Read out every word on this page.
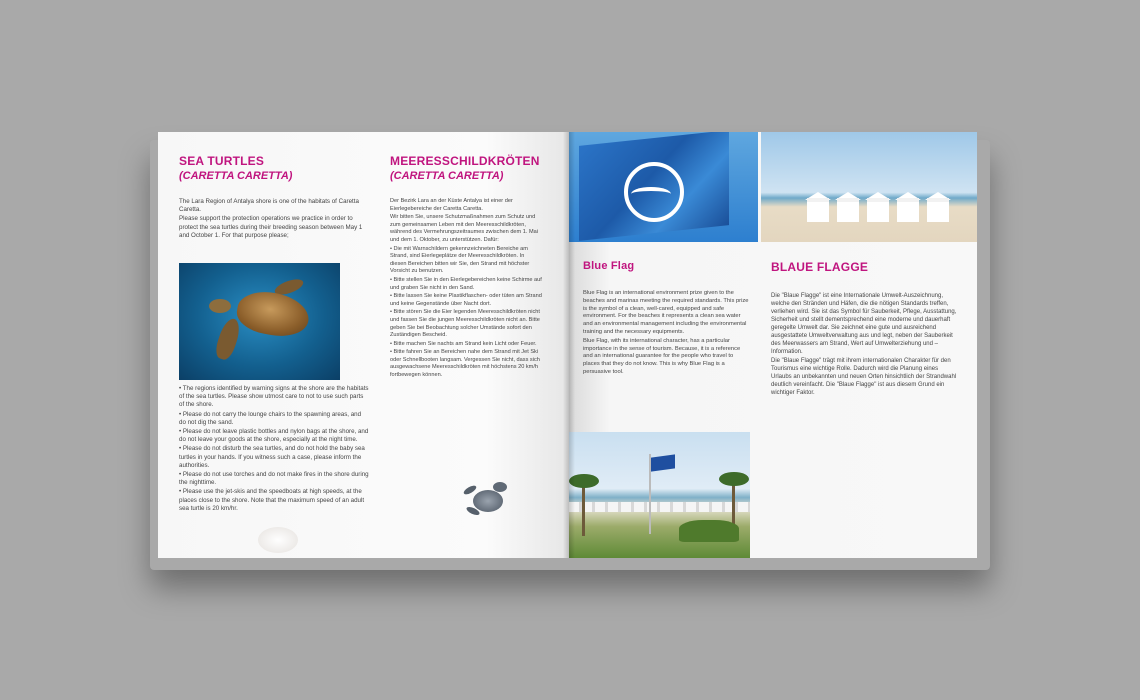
SEA TURTLES
(CARETTA CARETTA)

The Lara Region of Antalya shore is one of the habitats of Caretta Caretta.

Please support the protection operations we practice in order to protect the sea turtles during their breeding season between May 1 and October 1. For that purpose please;

• The regions identified by warning signs at the shore are the habitats of the sea turtles. Please show utmost care to not to use such parts of the shore.

• Please do not carry the lounge chairs to the spawning areas, and do not dig the sand.

• Please do not leave plastic bottles and nylon bags at the shore, and do not leave your goods at the shore, especially at the night time.

• Please do not disturb the sea turtles, and do not hold the baby sea turtles in your hands. If you witness such a case, please inform the authorities.

• Please do not use torches and do not make fires in the shore during the nighttime.

• Please use the jet-skis and the speedboats at high speeds, at the places close to the shore. Note that the maximum speed of an adult sea turtle is 20 km/hr.

MEERESSCHILDKRÖTEN
(CARETTA CARETTA)

Der Bezirk Lara an der Küste Antalya ist einer der Eierlegebereiche der Caretta Caretta.

Wir bitten Sie, unsere Schutzmaßnahmen zum Schutz und zum gemeinsamen Leben mit den Meeresschildkröten, während des Vermehrungszeitraumes zwischen dem 1. Mai und dem 1. Oktober, zu unterstützen. Dafür:

• Die mit Warnschildern gekennzeichneten Bereiche am Strand, sind Eierlegeplätze der Meeresschildkröten. In diesen Bereichen bitten wir Sie, den Strand mit höchster Vorsicht zu benutzen.

• Bitte stellen Sie in den Eierlegebereichen keine Schirme auf und graben Sie nicht in den Sand.

• Bitte lassen Sie keine Plastikflaschen- oder tüten am Strand und keine Gegenstände über Nacht dort.

• Bitte stören Sie die Eier legenden Meeresschildkröten nicht und fassen Sie die jungen Meeresschildkröten nicht an. Bitte geben Sie bei Beobachtung solcher Umstände sofort den Zuständigen Bescheid.

• Bitte machen Sie nachts am Strand kein Licht oder Feuer.

• Bitte fahren Sie an Bereichen nahe dem Strand mit Jet Ski oder Schnellbooten langsam. Vergessen Sie nicht, dass sich ausgewachsene Meeresschildkröten mit höchstens 20 km/h fortbewegen können.

Blue Flag

Blue Flag is an international environment prize given to the beaches and marinas meeting the required standards. This prize is the symbol of a clean, well-cared, equipped and safe environment. For the beaches it represents a clean sea water and an environmental management including the environmental training and the necessary equipments.

Blue Flag, with its international character, has a particular importance in the sense of tourism. Because, it is a reference and an international guarantee for the people who travel to places that they do not know. This is why Blue Flag is a persuasive tool.

BLAUE FLAGGE

Die "Blaue Flagge" ist eine Internationale Umwelt-Auszeichnung, welche den Stränden und Häfen, die die nötigen Standards treffen, verliehen wird. Sie ist das Symbol für Sauberkeit, Pflege, Ausstattung, Sicherheit und stellt dementsprechend eine moderne und dauerhaft geregelte Umwelt dar. Sie zeichnet eine gute und ausreichend ausgestattete Umweltverwaltung aus und legt, neben der Sauberkeit des Meerwassers am Strand, Wert auf Umwelterziehung und –Information.

Die "Blaue Flagge" trägt mit ihrem internationalen Charakter für den Tourismus eine wichtige Rolle. Dadurch wird die Planung eines Urlaubs an unbekannten und neuen Orten hinsichtlich der Strandwahl deutlich vereinfacht. Die "Blaue Flagge" ist aus diesem Grund ein wichtiger Faktor.
